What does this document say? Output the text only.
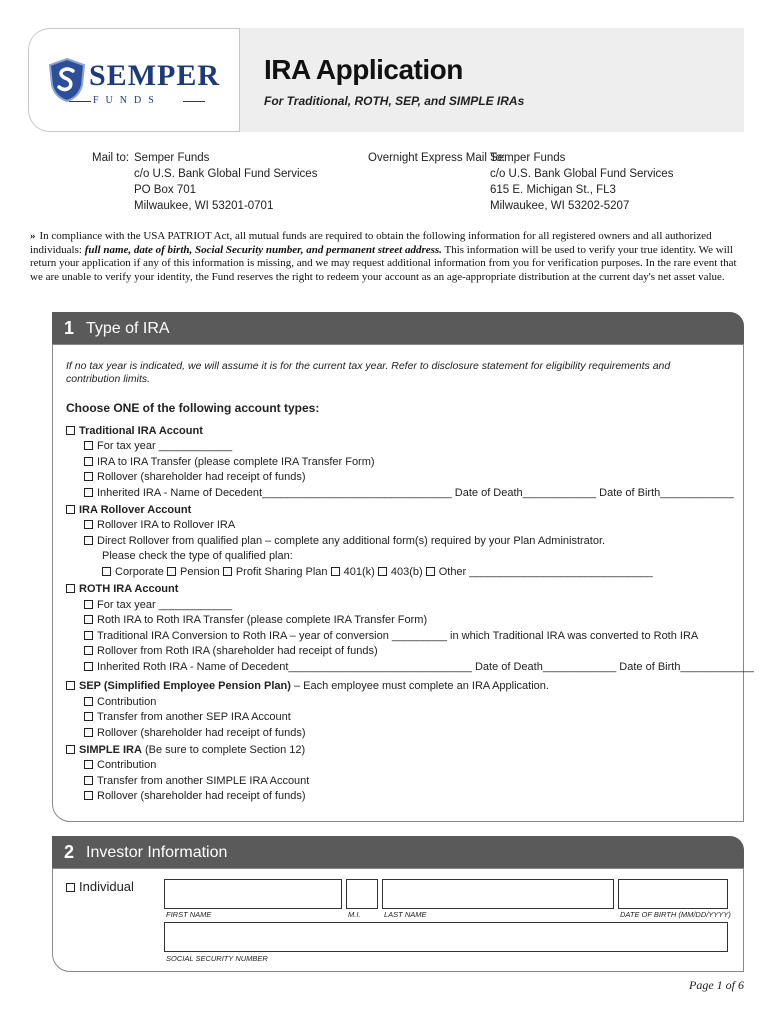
SEMPER
FUNDS
IRA Application
For Traditional, ROTH, SEP, and SIMPLE IRAs
Mail to: Semper Funds
c/o U.S. Bank Global Fund Services
PO Box 701
Milwaukee, WI 53201-0701
Overnight Express Mail To:
Semper Funds
c/o U.S. Bank Global Fund Services
615 E. Michigan St., FL3
Milwaukee, WI 53202-5207
» In compliance with the USA PATRIOT Act, all mutual funds are required to obtain the following information for all registered owners and all authorized individuals: full name, date of birth, Social Security number, and permanent street address. This information will be used to verify your true identity. We will return your application if any of this information is missing, and we may request additional information from you for verification purposes. In the rare event that we are unable to verify your identity, the Fund reserves the right to redeem your account as an age-appropriate distribution at the current day's net asset value.
1 Type of IRA
If no tax year is indicated, we will assume it is for the current tax year. Refer to disclosure statement for eligibility requirements and contribution limits.
Choose ONE of the following account types:
Traditional IRA Account
For tax year ____________
IRA to IRA Transfer (please complete IRA Transfer Form)
Rollover (shareholder had receipt of funds)
Inherited IRA - Name of Decedent_______________________________ Date of Death____________ Date of Birth____________
IRA Rollover Account
Rollover IRA to Rollover IRA
Direct Rollover from qualified plan – complete any additional form(s) required by your Plan Administrator.
Please check the type of qualified plan:
Corporate Pension Profit Sharing Plan 401(k) 403(b) Other ______________________________
ROTH IRA Account
For tax year ____________
Roth IRA to Roth IRA Transfer (please complete IRA Transfer Form)
Traditional IRA Conversion to Roth IRA – year of conversion _________ in which Traditional IRA was converted to Roth IRA
Rollover from Roth IRA (shareholder had receipt of funds)
Inherited Roth IRA - Name of Decedent______________________________ Date of Death____________ Date of Birth____________
SEP (Simplified Employee Pension Plan) – Each employee must complete an IRA Application.
Contribution
Transfer from another SEP IRA Account
Rollover (shareholder had receipt of funds)
SIMPLE IRA (Be sure to complete Section 12)
Contribution
Transfer from another SIMPLE IRA Account
Rollover (shareholder had receipt of funds)
2 Investor Information
Individual
FIRST NAME	M.I.	LAST NAME	DATE OF BIRTH (MM/DD/YYYY)
SOCIAL SECURITY NUMBER
Page 1 of 6
